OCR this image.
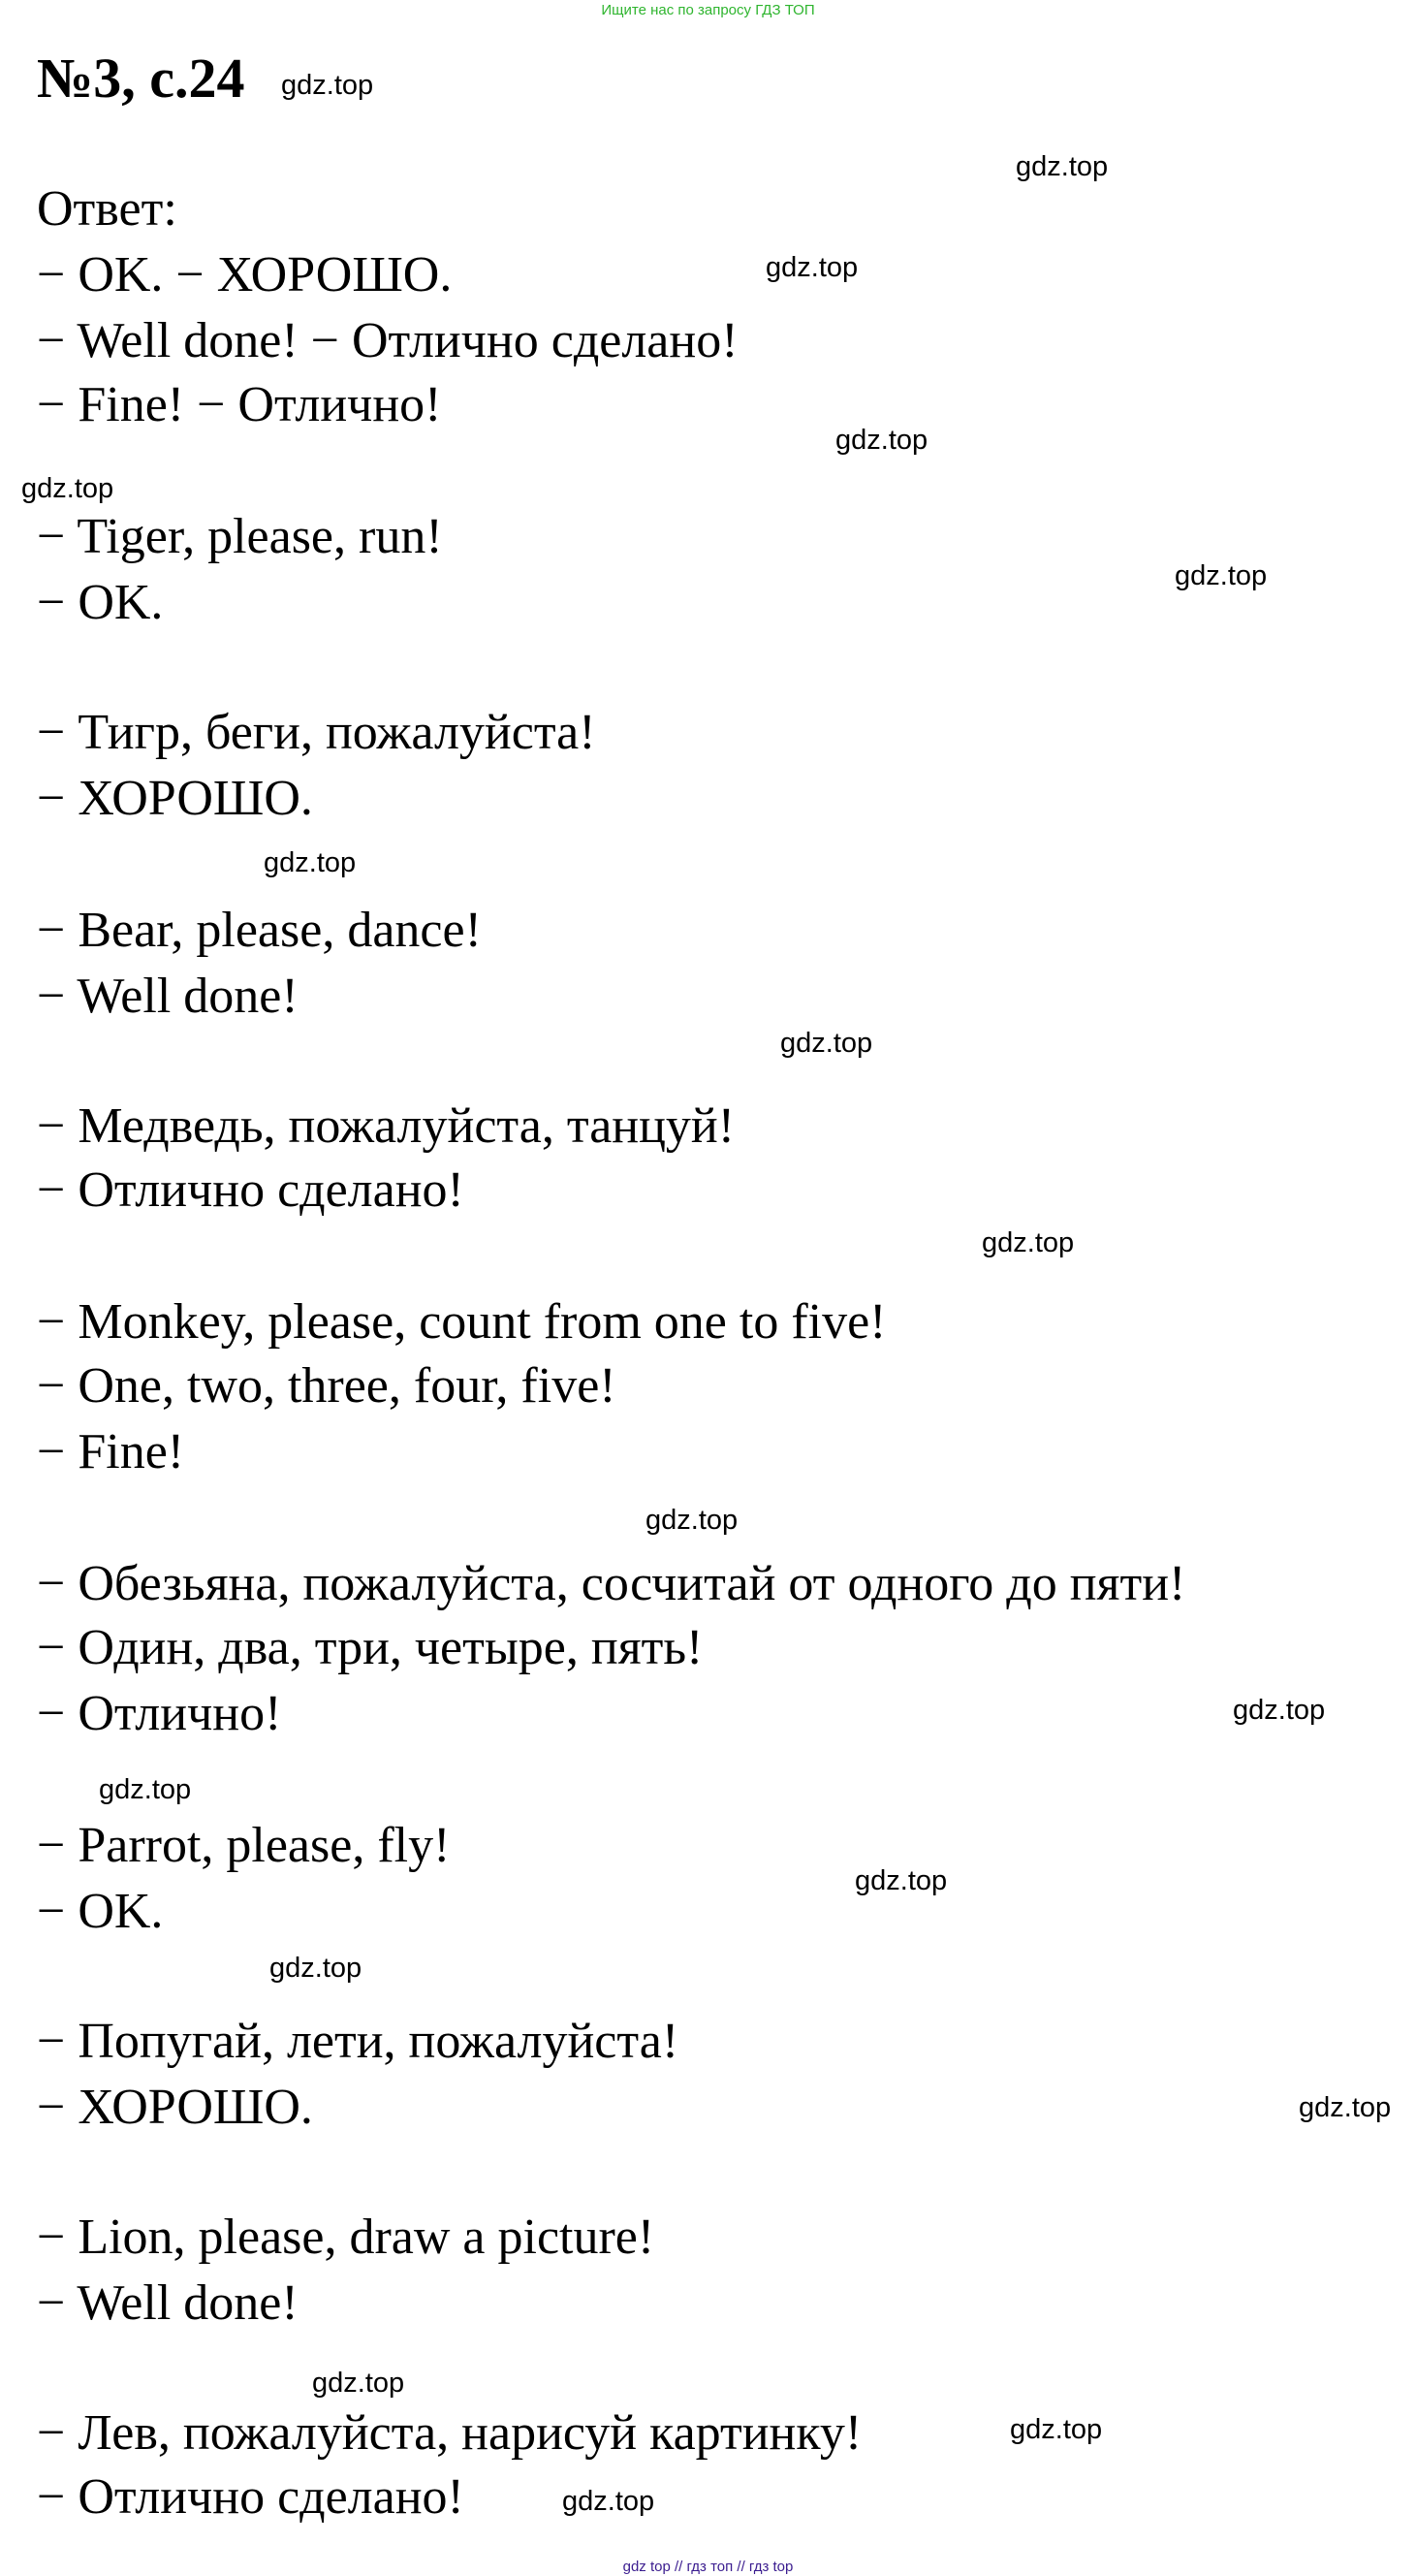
Ищите нас по запросу ГДЗ ТОП
№3, с.24 gdz.top
gdz.top
Ответ:
− OK. − ХОРОШО.	gdz.top
− Well done! − Отлично сделано!
− Fine! − Отлично!
gdz.top
gdz.top
− Tiger, please, run!
gdz.top
− OK.
− Тигр, беги, пожалуйста!
− ХОРОШО.
gdz.top
− Bear, please, dance!
− Well done!
gdz.top
− Медведь, пожалуйста, танцуй!
− Отлично сделано!
gdz.top
− Monkey, please, count from one to five!
− One, two, three, four, five!
− Fine!
gdz.top
− Обезьяна, пожалуйста, сосчитай от одного до пяти!
− Один, два, три, четыре, пять!
− Отлично!	gdz.top
gdz.top
− Parrot, please, fly!
gdz.top
− OK.
gdz.top
− Попугай, лети, пожалуйста!
− ХОРОШО.	gdz.top
− Lion, please, draw a picture!
− Well done!
gdz.top
− Лев, пожалуйста, нарисуй картинку!	gdz.top
− Отлично сделано!	gdz.top
gdz top // гдз топ // гдз top
